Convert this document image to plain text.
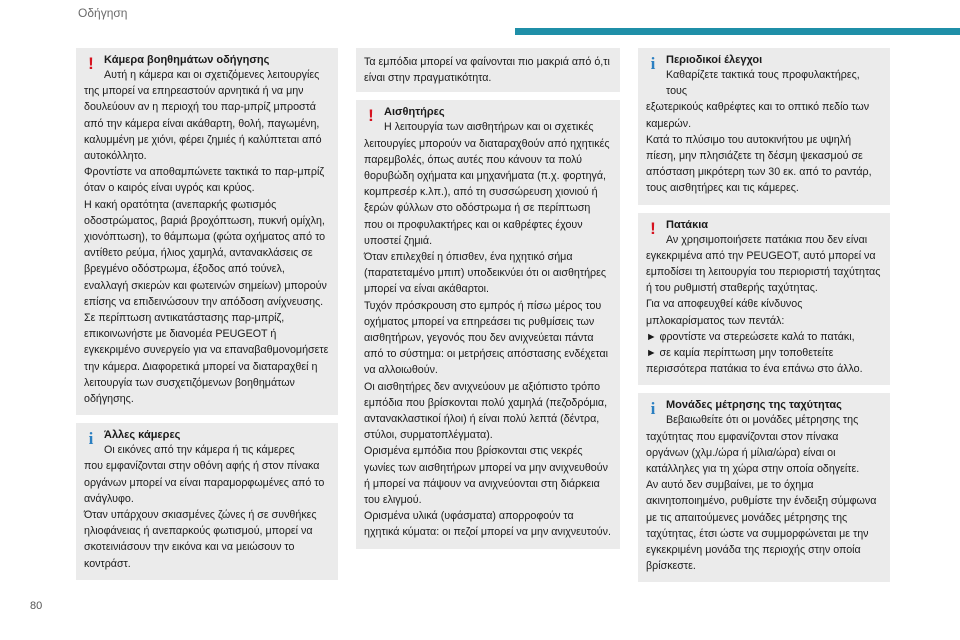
Οδήγηση
! Κάμερα βοηθημάτων οδήγησης

Αυτή η κάμερα και οι σχετιζόμενες λειτουργίες

της μπορεί να επηρεαστούν αρνητικά ή να μην δουλεύουν αν η περιοχή του παρ-μπρίζ μπροστά από την κάμερα είναι ακάθαρτη, θολή, παγωμένη, καλυμμένη με χιόνι, φέρει ζημιές ή καλύπτεται από αυτοκόλλητο.

Φροντίστε να αποθαμπώνετε τακτικά το παρ-μπρίζ όταν ο καιρός είναι υγρός και κρύος.

Η κακή ορατότητα (ανεπαρκής φωτισμός οδοστρώματος, βαριά βροχόπτωση, πυκνή ομίχλη, χιονόπτωση), το θάμπωμα (φώτα οχήματος από το αντίθετο ρεύμα, ήλιος χαμηλά, αντανακλάσεις σε βρεγμένο οδόστρωμα, έξοδος από τούνελ, εναλλαγή σκιερών και φωτεινών σημείων) μπορούν επίσης να επιδεινώσουν την απόδοση ανίχνευσης.

Σε περίπτωση αντικατάστασης παρ-μπρίζ, επικοινωνήστε με διανομέα PEUGEOT ή εγκεκριμένο συνεργείο για να επαναβαθμονομήσετε την κάμερα. Διαφορετικά μπορεί να διαταραχθεί η λειτουργία των συσχετιζόμενων βοηθημάτων οδήγησης.

i Άλλες κάμερες

Οι εικόνες από την κάμερα ή τις κάμερες

που εμφανίζονται στην οθόνη αφής ή στον πίνακα οργάνων μπορεί να είναι παραμορφωμένες από το ανάγλυφο.

Όταν υπάρχουν σκιασμένες ζώνες ή σε συνθήκες ηλιοφάνειας ή ανεπαρκούς φωτισμού, μπορεί να σκοτεινιάσουν την εικόνα και να μειώσουν το κοντράστ.

Τα εμπόδια μπορεί να φαίνονται πιο μακριά από ό,τι είναι στην πραγματικότητα.

! Αισθητήρες

Η λειτουργία των αισθητήρων και οι σχετικές

λειτουργίες μπορούν να διαταραχθούν από ηχητικές παρεμβολές, όπως αυτές που κάνουν τα πολύ θορυβώδη οχήματα και μηχανήματα (π.χ. φορτηγά, κομπρεσέρ κ.λπ.), από τη συσσώρευση χιονιού ή ξερών φύλλων στο οδόστρωμα ή σε περίπτωση που οι προφυλακτήρες και οι καθρέφτες έχουν υποστεί ζημιά.

Όταν επιλεχθεί η όπισθεν, ένα ηχητικό σήμα (παρατεταμένο μπιπ) υποδεικνύει ότι οι αισθητήρες μπορεί να είναι ακάθαρτοι.

Τυχόν πρόσκρουση στο εμπρός ή πίσω μέρος του οχήματος μπορεί να επηρεάσει τις ρυθμίσεις των αισθητήρων, γεγονός που δεν ανιχνεύεται πάντα από το σύστημα: οι μετρήσεις απόστασης ενδέχεται να αλλοιωθούν.

Οι αισθητήρες δεν ανιχνεύουν με αξιόπιστο τρόπο εμπόδια που βρίσκονται πολύ χαμηλά (πεζοδρόμια, αντανακλαστικοί ήλοι) ή είναι πολύ λεπτά (δέντρα, στύλοι, συρματοπλέγματα).

Ορισμένα εμπόδια που βρίσκονται στις νεκρές γωνίες των αισθητήρων μπορεί να μην ανιχνευθούν ή μπορεί να πάψουν να ανιχνεύονται στη διάρκεια του ελιγμού.

Ορισμένα υλικά (υφάσματα) απορροφούν τα ηχητικά κύματα: οι πεζοί μπορεί να μην ανιχνευτούν.

i Περιοδικοί έλεγχοι

Καθαρίζετε τακτικά τους προφυλακτήρες, τους

εξωτερικούς καθρέφτες και το οπτικό πεδίο των καμερών.

Κατά το πλύσιμο του αυτοκινήτου με υψηλή πίεση, μην πλησιάζετε τη δέσμη ψεκασμού σε απόσταση μικρότερη των 30 εκ. από το ραντάρ, τους αισθητήρες και τις κάμερες.

! Πατάκια

Αν χρησιμοποιήσετε πατάκια που δεν είναι

εγκεκριμένα από την PEUGEOT, αυτό μπορεί να εμποδίσει τη λειτουργία του περιοριστή ταχύτητας ή του ρυθμιστή σταθερής ταχύτητας.

Για να αποφευχθεί κάθε κίνδυνος μπλοκαρίσματος των πεντάλ:

► φροντίστε να στερεώσετε καλά το πατάκι,

► σε καμία περίπτωση μην τοποθετείτε περισσότερα πατάκια το ένα επάνω στο άλλο.

i Μονάδες μέτρησης της ταχύτητας

Βεβαιωθείτε ότι οι μονάδες μέτρησης της

ταχύτητας που εμφανίζονται στον πίνακα οργάνων (χλμ./ώρα ή μίλια/ώρα) είναι οι κατάλληλες για τη χώρα στην οποία οδηγείτε.

Αν αυτό δεν συμβαίνει, με το όχημα ακινητοποιημένο, ρυθμίστε την ένδειξη σύμφωνα με τις απαιτούμενες μονάδες μέτρησης της ταχύτητας, έτσι ώστε να συμμορφώνεται με την εγκεκριμένη μονάδα της περιοχής στην οποία βρίσκεστε.

80
